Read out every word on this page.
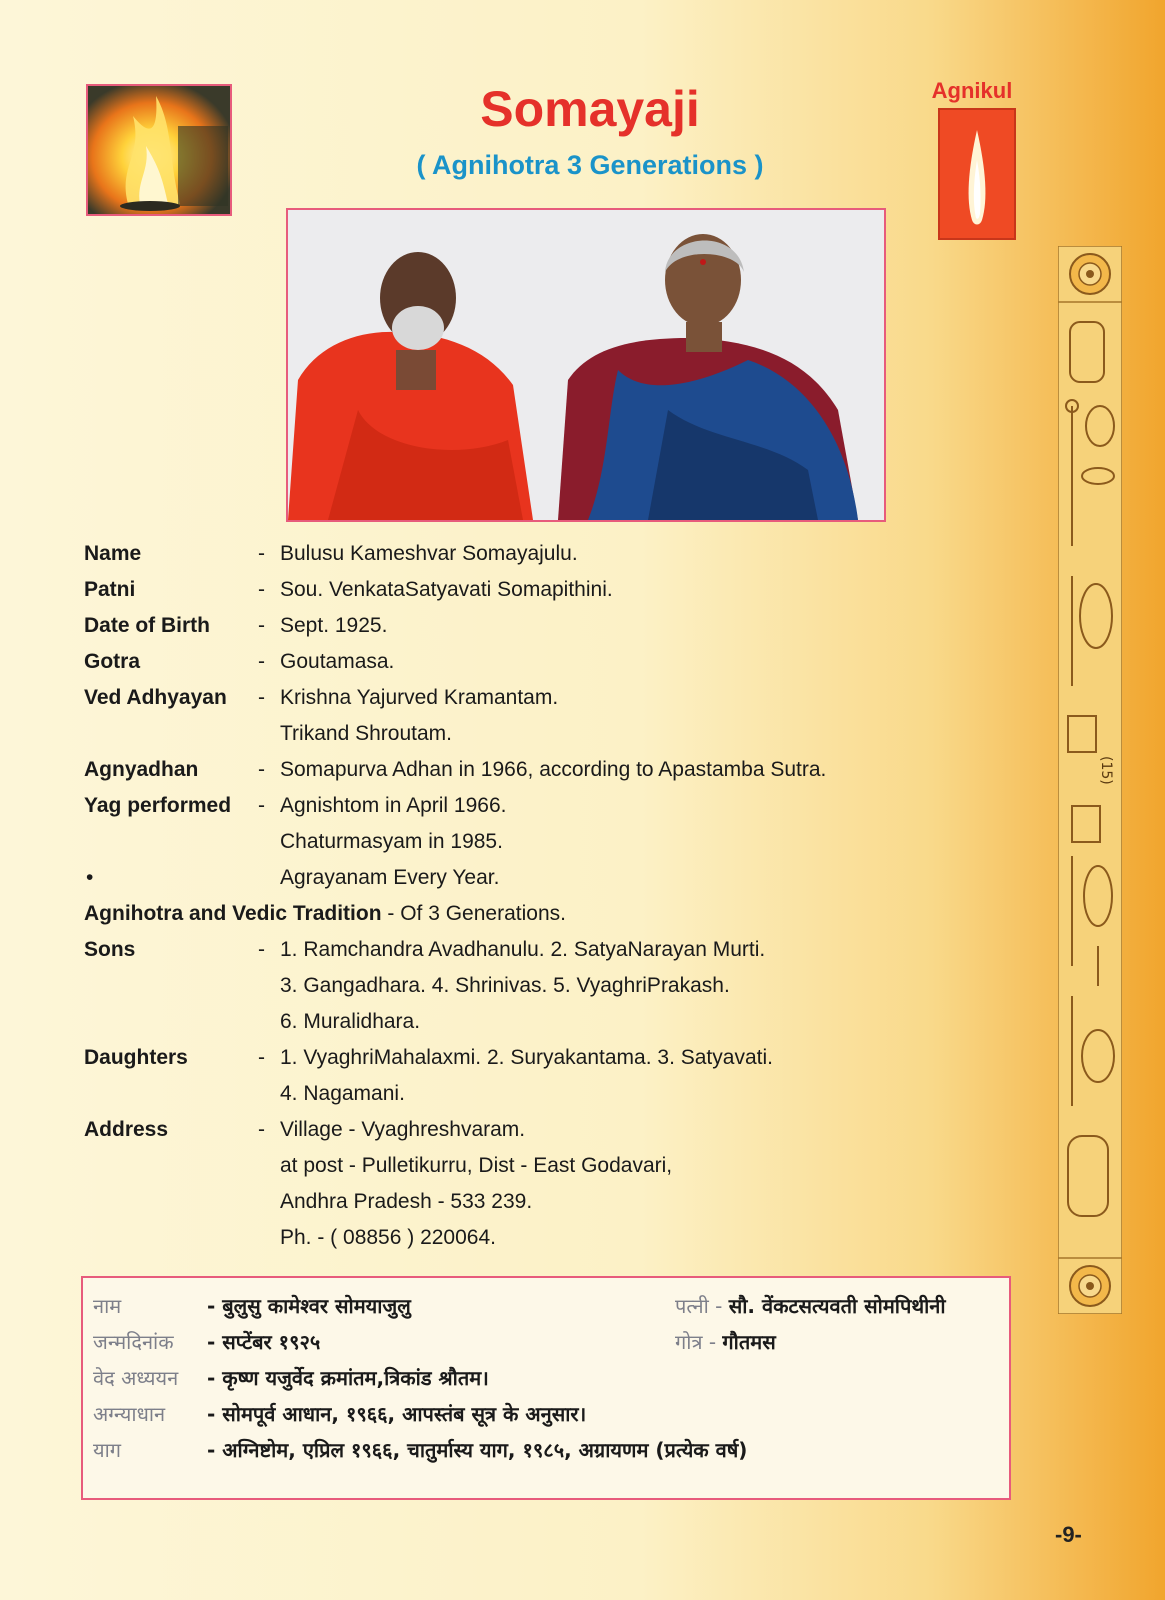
Somayaji
( Agnihotra 3 Generations )
Agnikul
Name	- Bulusu Kameshvar Somayajulu.
Patni	- Sou. VenkataSatyavati Somapithini.
Date of Birth - Sept. 1925.
Gotra	- Goutamasa.
Ved Adhyayan - Krishna Yajurved Kramantam.
Trikand Shroutam.
Agnyadhan	- Somapurva Adhan in 1966, according to Apastamba Sutra.
Yag performed - Agnishtom in April 1966.
Chaturmasyam in 1985.
•	Agrayanam Every Year.
Agnihotra and Vedic Tradition - Of 3 Generations.
Sons	- 1. Ramchandra Avadhanulu. 2. SatyaNarayan Murti.
3. Gangadhara. 4. Shrinivas. 5. VyaghriPrakash.
6. Muralidhara.
Daughters	- 1. VyaghriMahalaxmi. 2. Suryakantama. 3. Satyavati.
4. Nagamani.
Address	- Village - Vyaghreshvaram.
at post - Pulletikurru, Dist - East Godavari,
Andhra Pradesh - 533 239.
Ph. - ( 08856 ) 220064.
नाम	- बुलुसु कामेश्वर सोमयाजुलु	पत्नी - सौ. वेंकटसत्यवती सोमपिथीनी
जन्मदिनांक - सप्टेंबर १९२५	गोत्र - गौतमस
वेद अध्ययन - कृष्ण यजुर्वेद क्रमांतम,त्रिकांड श्रौतम।
अग्न्याधान - सोमपूर्व आधान, १९६६, आपस्तंब सूत्र के अनुसार।
याग	- अग्निष्टोम, एप्रिल १९६६, चातुर्मास्य याग, १९८५, अग्रायणम (प्रत्येक वर्ष)
(15)
-9-
